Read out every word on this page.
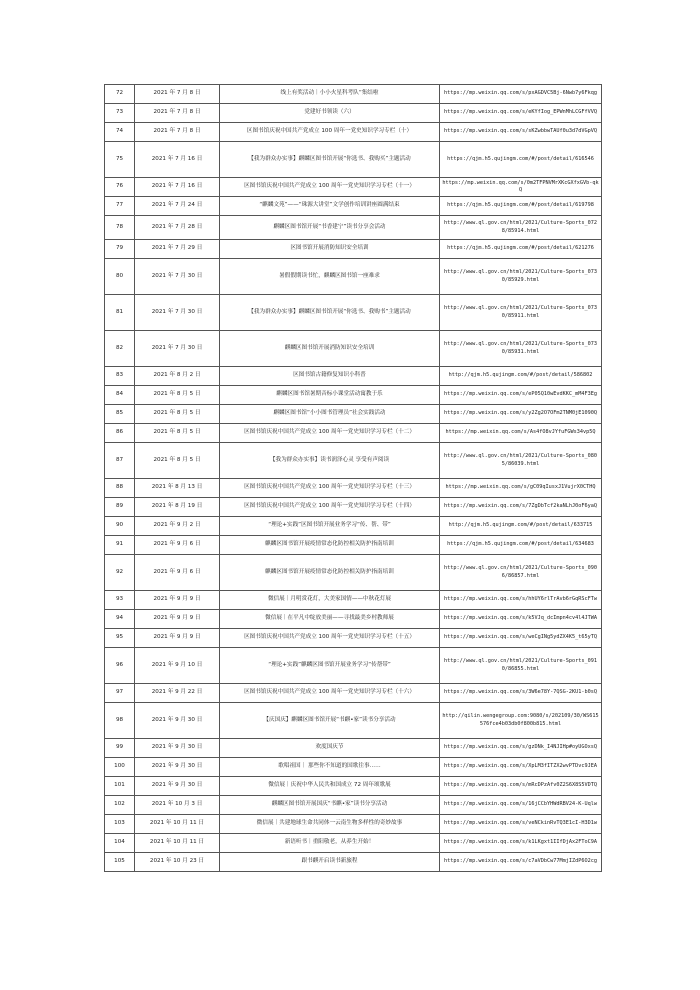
72	2021 年 7 月 8 日	线上有奖活动｜小小火星科考队“集结啦	https://mp.weixin.qq.com/s/pxAGDVC5Bj-6Nwb7y6Fkqg
73	2021 年 7 月 8 日	党建好书领读（六）	https://mp.weixin.qq.com/s/eKYfIog_EPWnMhLCGFfVVQ
74	2021 年 7 月 8 日	区图书馆庆祝中国共产党成立 100 周年一党史知识学习专栏（十）	https://mp.weixin.qq.com/s/sKZwbbwTAUf0u3d7dVGpVQ
75	2021 年 7 月 16 日	【我为群众办实事】麒麟区图书馆开展“你选书、我购买”主题活动	https://qjm.h5.qujingm.com/#/post/detail/616546
76	2021 年 7 月 16 日	区图书馆庆祝中国共产党成立 100 周年一党史知识学习专栏（十一）	https://mp.weixin.qq.com/s/0m2TFPNVMrXKcGXfxGVb-qkQ
77	2021 年 7 月 24 日	“麒麟文苑”——“珠源大讲堂”文学创作培训讲座圆满结束	https://qjm.h5.qujingm.com/#/post/detail/619798
78	2021 年 7 月 28 日	麒麟区图书馆开展“书香建宁”读书分享会活动	http://www.ql.gov.cn/html/2021/Culture-Sports_0728/85914.html
79	2021 年 7 月 29 日	区图书馆开展消防知识安全培训	https://qjm.h5.qujingm.com/#/post/detail/621276
80	2021 年 7 月 30 日	暑假假期读书忙，麒麟区图书馆一座难求	http://www.ql.gov.cn/html/2021/Culture-Sports_0730/85929.html
81	2021 年 7 月 30 日	【我为群众办实事】麒麟区图书馆开展“你选书、我购书”主题活动	http://www.ql.gov.cn/html/2021/Culture-Sports_0730/85911.html
82	2021 年 7 月 30 日	麒麟区图书馆开展消防知识安全培训	http://www.ql.gov.cn/html/2021/Culture-Sports_0730/85931.html
83	2021 年 8 月 2 日	区图书馆古籍修复知识小科普	http://qjm.h5.qujingm.com/#/post/detail/586802
84	2021 年 8 月 5 日	麒麟区图书馆暑期音标小课堂活动寓教于乐	https://mp.weixin.qq.com/s/eP05Q10wEvdKKC_mM4F3Eg
85	2021 年 8 月 5 日	麒麟区图书馆“小小图书管理员”社会实践活动	https://mp.weixin.qq.com/s/y2Zg2O7OFm2TNM0jE1090Q
86	2021 年 8 月 5 日	区图书馆庆祝中国共产党成立 100 周年一党史知识学习专栏（十二）	https://mp.weixin.qq.com/s/As4fO8vJYfuFGWs34vp5Q
87	2021 年 8 月 5 日	【我为群众办实事】读书润泽心灵 享受有声阅读	http://www.ql.gov.cn/html/2021/Culture-Sports_0805/86039.html
88	2021 年 8 月 13 日	区图书馆庆祝中国共产党成立 100 周年一党史知识学习专栏（十三）	https://mp.weixin.qq.com/s/gC09qIusxJ1VujrX0CTHQ
89	2021 年 8 月 19 日	区图书馆庆祝中国共产党成立 100 周年一党史知识学习专栏（十四）	https://mp.weixin.qq.com/s/7ZgDbTcf2kaNLhJ0oF6yaQ
90	2021 年 9 月 2 日	“理论+实践”区图书馆开展业务学习“传、帮、带”	http://qjm.h5.qujingm.com/#/post/detail/633715
91	2021 年 9 月 6 日	麒麟区图书馆开展疫情常态化防控相关防护指南培训	https://qjm.h5.qujingm.com/#/post/detail/634683
92	2021 年 9 月 6 日	麒麟区图书馆开展疫情常态化防控相关防护指南培训	http://www.ql.gov.cn/html/2021/Culture-Sports_0906/86857.html
93	2021 年 9 月 9 日	微信展｜月明赏花灯，大美家国情——中秋花灯展	https://mp.weixin.qq.com/s/hhUY6rlTrAvb6rGqRScFTw
94	2021 年 9 月 9 日	微信展｜在平凡中绽放美丽——寻找最美乡村教师展	https://mp.weixin.qq.com/s/k5VJq_dcImpn4cv4l4JTWA
95	2021 年 9 月 9 日	区图书馆庆祝中国共产党成立 100 周年一党史知识学习专栏（十五）	https://mp.weixin.qq.com/s/weCgINg5ydZX4K5_t65yTQ
96	2021 年 9 月 10 日	“理论+实践”麒麟区图书馆开展业务学习“传帮带”	http://www.ql.gov.cn/html/2021/Culture-Sports_0910/86855.html
97	2021 年 9 月 22 日	区图书馆庆祝中国共产党成立 100 周年一党史知识学习专栏（十六）	https://mp.weixin.qq.com/s/3W6e78Y-7QSG-2KU1-b0sQ
98	2021 年 9 月 30 日	【庆国庆】麒麟区图书馆开展“书麒•家”读书分享活动	http://qilin.wengegroup.com:9080/s/202109/30/WS615576fce4b03db0f800b815.html
99	2021 年 9 月 30 日	欢度国庆节	https://mp.weixin.qq.com/s/gzDNk_I4NJIHp#oyUGOxsQ
100	2021 年 9 月 30 日	歌唱祖国｜ 那些你不知道的国歌往事……	https://mp.weixin.qq.com/s/XpLM3fITZX2wvPTDvc9JEA
101	2021 年 9 月 30 日	微信展｜庆祝中华人民共和国成立 72 周年颂歌展	https://mp.weixin.qq.com/s/mRcDPzAfv0Z2S6X8S5VDTQ
102	2021 年 10 月 3 日	麒麟区图书馆开展国庆“书麒•家”读书分享活动	https://mp.weixin.qq.com/s/16jCCbYHWdRBV24-K-Uqlw
103	2021 年 10 月 11 日	微信展｜共建地球生命共同体一云南生物多样性的奇妙故事	https://mp.weixin.qq.com/s/veNCkinRvTQ3E1cI-H3D1w
104	2021 年 10 月 11 日	新语听书｜重阳敬老，从养生开始！	https://mp.weixin.qq.com/s/k1LKgxt1IIfDjAx2FToC9A
105	2021 年 10 月 23 日	跟书麒开启读书新旅程	https://mp.weixin.qq.com/s/c7aVDbCw77MmjIZdP6O2cg
